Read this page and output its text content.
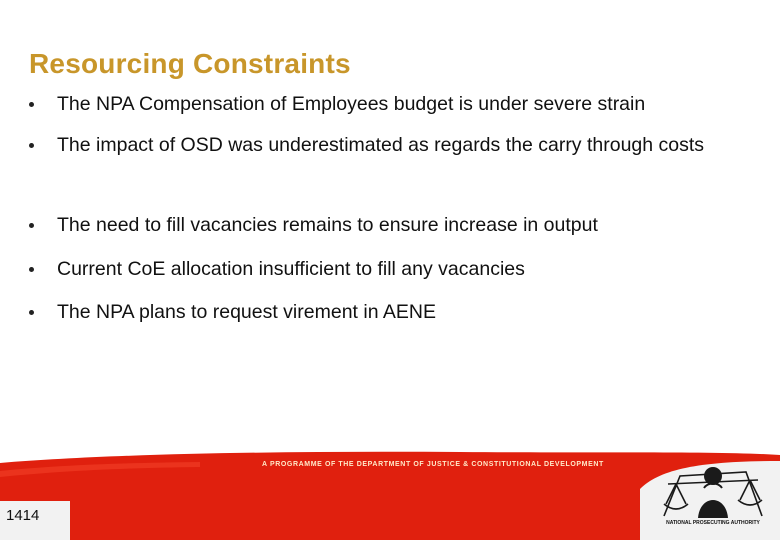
Resourcing Constraints
The NPA Compensation of Employees budget is under severe strain
The impact of OSD was underestimated as regards the carry through costs
The need to fill vacancies remains to ensure increase in output
Current CoE allocation insufficient to fill any vacancies
The NPA plans to request virement in AENE
A PROGRAMME OF THE DEPARTMENT OF JUSTICE & CONSTITUTIONAL DEVELOPMENT
1414	NATIONAL PROSECUTING AUTHORITY
